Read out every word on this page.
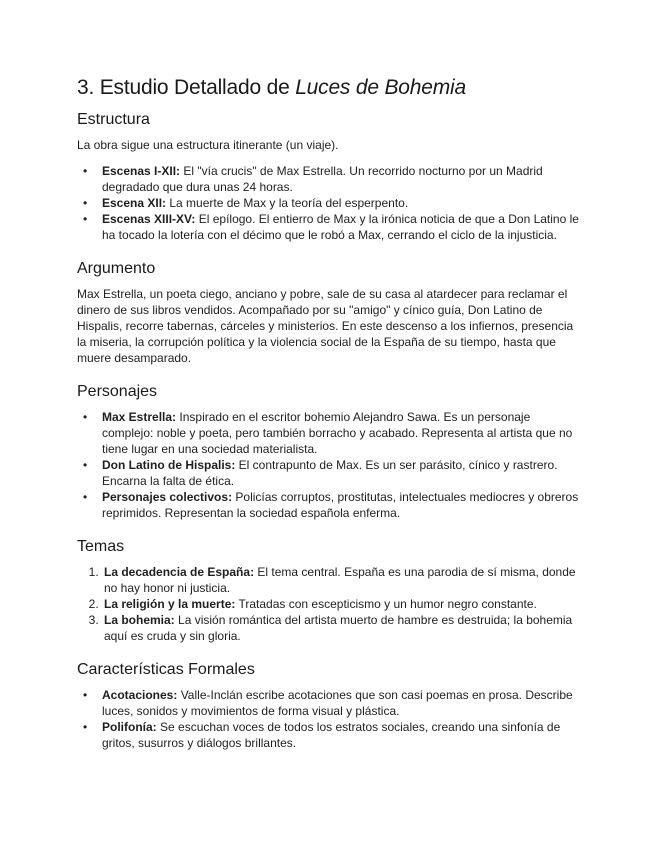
3. Estudio Detallado de Luces de Bohemia
Estructura

La obra sigue una estructura itinerante (un viaje).

• Escenas I-XII: El "vía crucis" de Max Estrella. Un recorrido nocturno por un Madrid degradado que dura unas 24 horas.
• Escena XII: La muerte de Max y la teoría del esperpento.
• Escenas XIII-XV: El epílogo. El entierro de Max y la irónica noticia de que a Don Latino le ha tocado la lotería con el décimo que le robó a Max, cerrando el ciclo de la injusticia.
Argumento

Max Estrella, un poeta ciego, anciano y pobre, sale de su casa al atardecer para reclamar el dinero de sus libros vendidos. Acompañado por su "amigo" y cínico guía, Don Latino de Hispalis, recorre tabernas, cárceles y ministerios. En este descenso a los infiernos, presencia la miseria, la corrupción política y la violencia social de la España de su tiempo, hasta que muere desamparado.

Personajes
• Max Estrella: Inspirado en el escritor bohemio Alejandro Sawa. Es un personaje complejo: noble y poeta, pero también borracho y acabado. Representa al artista que no tiene lugar en una sociedad materialista.
• Don Latino de Hispalis: El contrapunto de Max. Es un ser parásito, cínico y rastrero. Encarna la falta de ética.
• Personajes colectivos: Policías corruptos, prostitutas, intelectuales mediocres y obreros reprimidos. Representan la sociedad española enferma.
Temas
1. La decadencia de España: El tema central. España es una parodia de sí misma, donde no hay honor ni justicia.
2. La religión y la muerte: Tratadas con escepticismo y un humor negro constante.
3. La bohemia: La visión romántica del artista muerto de hambre es destruida; la bohemia aquí es cruda y sin gloria.
Características Formales
• Acotaciones: Valle-Inclán escribe acotaciones que son casi poemas en prosa. Describe luces, sonidos y movimientos de forma visual y plástica.
• Polifonía: Se escuchan voces de todos los estratos sociales, creando una sinfonía de gritos, susurros y diálogos brillantes.
